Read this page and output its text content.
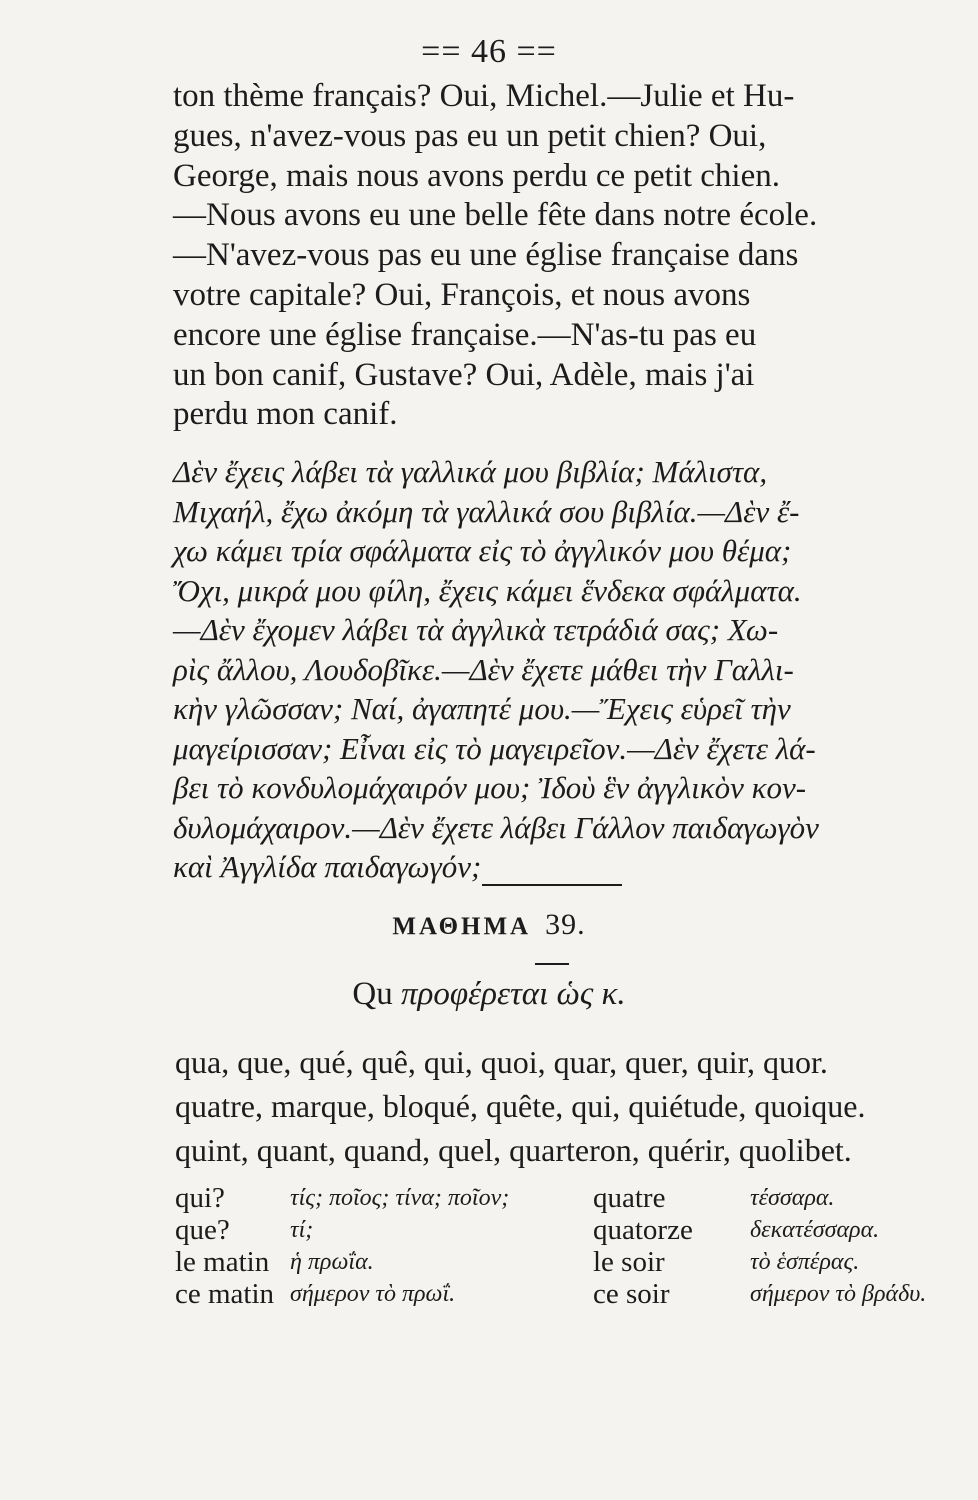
== 46 ==
ton thème français? Oui, Michel.—Julie et Hu-
gues, n'avez-vous pas eu un petit chien? Oui,
George, mais nous avons perdu ce petit chien.
—Nous avons eu une belle fête dans notre école.
—N'avez-vous pas eu une église française dans
votre capitale? Oui, François, et nous avons
encore une église française.—N'as-tu pas eu
un bon canif, Gustave? Oui, Adèle, mais j'ai
perdu mon canif.
Δὲν ἔχεις λάβει τὰ γαλλικά μου βιβλία; Μάλιστα,
Μιχαήλ, ἔχω ἀκόμη τὰ γαλλικά σου βιβλία.—Δὲν ἔ-
χω κάμει τρία σφάλματα εἰς τὸ ἀγγλικόν μου θέμα;
Ὄχι, μικρά μου φίλη, ἔχεις κάμει ἕνδεκα σφάλματα.
—Δὲν ἔχομεν λάβει τὰ ἀγγλικὰ τετράδιά σας; Χω-
ρὶς ἄλλου, Λουδοβῖκε.—Δὲν ἔχετε μάθει τὴν Γαλλι-
κὴν γλῶσσαν; Ναί, ἀγαπητέ μου.—Ἔχεις εὑρεῖ τὴν
μαγείρισσαν; Εἶναι εἰς τὸ μαγειρεῖον.—Δὲν ἔχετε λά-
βει τὸ κονδυλομάχαιρόν μου; Ἰδοὺ ἓν ἀγγλικὸν κον-
δυλομάχαιρον.—Δὲν ἔχετε λάβει Γάλλον παιδαγωγὸν
καὶ Ἀγγλίδα παιδαγωγόν;
ΜΑΘΗΜΑ 39.
Qu προφέρεται ὡς κ.
qua, que, qué, quê, qui, quoi, quar, quer, quir, quor.
quatre, marque, bloqué, quête, qui, quiétude, quoique.
quint, quant, quand, quel, quarteron, quérir, quolibet.
qui?	τίς; ποῖος; τίνα; ποῖον;	quatre	τέσσαρα.
que?	τί;	quatorze δεκατέσσαρα.
le matin ἡ πρωΐα.	le soir	τὸ ἑσπέρας.
ce matin σήμερον τὸ πρωΐ.	ce soir	σήμερον τὸ βράδυ.
